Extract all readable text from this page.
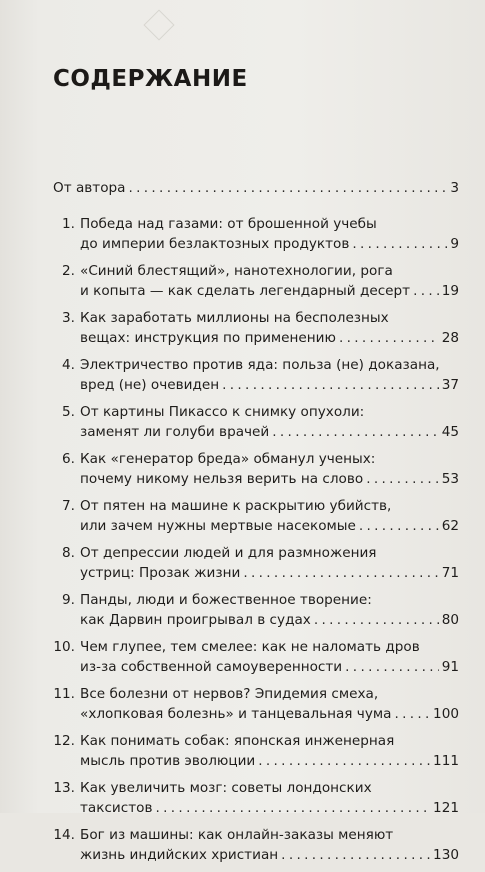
СОДЕРЖАНИЕ
От автора . . .	3
1. Победа над газами: от брошенной учебы
до империи безлактозных продуктов . . .	9
2. «Синий блестящий», нанотехнологии, рога
и копыта — как сделать легендарный десерт . . . 19
3. Как заработать миллионы на бесполезных
вещах: инструкция по применению . . .	28
4. Электричество против яда: польза (не) доказана,
вред (не) очевиден . . .	37
5. От картины Пикассо к снимку опухоли:
заменят ли голуби врачей . . .	45
6. Как «генератор бреда» обманул ученых:
почему никому нельзя верить на слово . . .	53
7. От пятен на машине к раскрытию убийств,
или зачем нужны мертвые насекомые . . .	62
8. От депрессии людей и для размножения
устриц: Прозак жизни . . .	71
9. Панды, люди и божественное творение:
как Дарвин проигрывал в судах . . .	80
10. Чем глупее, тем смелее: как не наломать дров
из-за собственной самоуверенности . . .	91
11. Все болезни от нервов? Эпидемия смеха,
«хлопковая болезнь» и танцевальная чума . . .	100
12. Как понимать собак: японская инженерная
мысль против эволюции . . .	111
13. Как увеличить мозг: советы лондонских
таксистов . . .	121
14. Бог из машины: как онлайн-заказы меняют
жизнь индийских христиан . . .	130
